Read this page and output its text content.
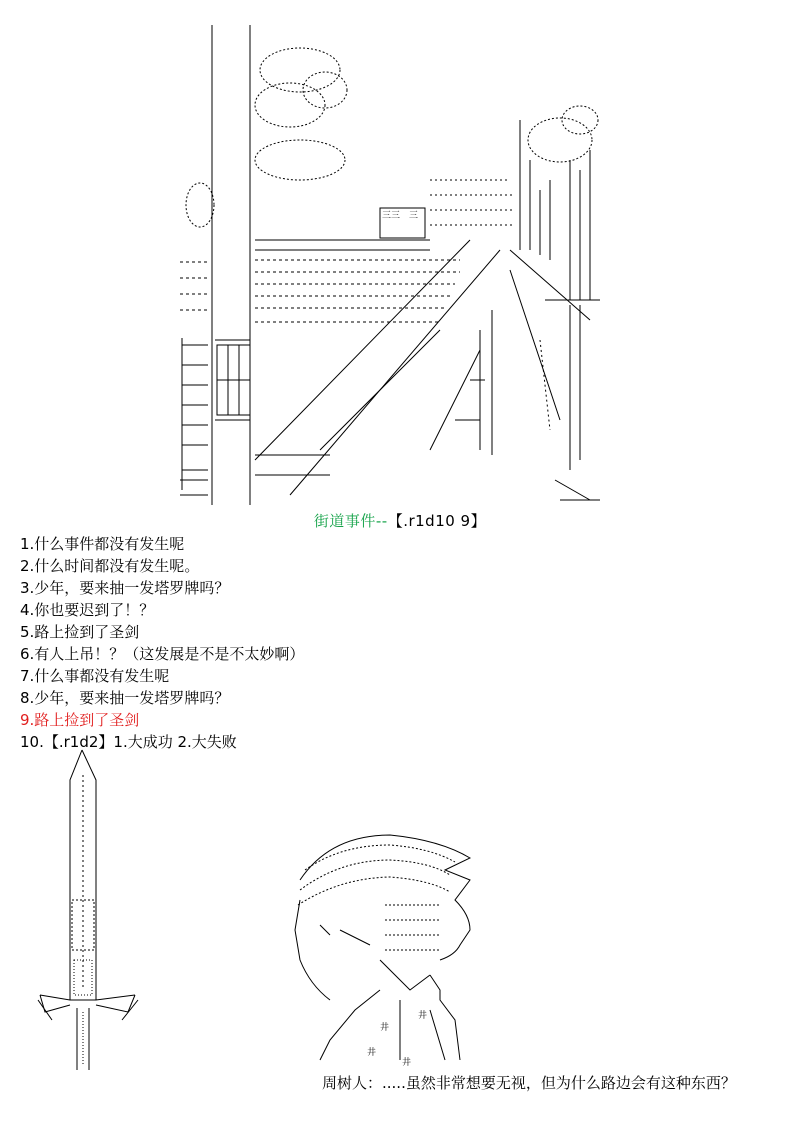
三三 三
井
井
井
井
街道事件--【.r1d10 9】
1.什么事件都没有发生呢
2.什么时间都没有发生呢。
3.少年，要来抽一发塔罗牌吗？
4.你也要迟到了！？
5.路上捡到了圣剑
6.有人上吊！？（这发展是不是不太妙啊）
7.什么事都没有发生呢
8.少年，要来抽一发塔罗牌吗？
9.路上捡到了圣剑
10.【.r1d2】1.大成功 2.大失败
周树人：.....虽然非常想要无视，但为什么路边会有这种东西？
